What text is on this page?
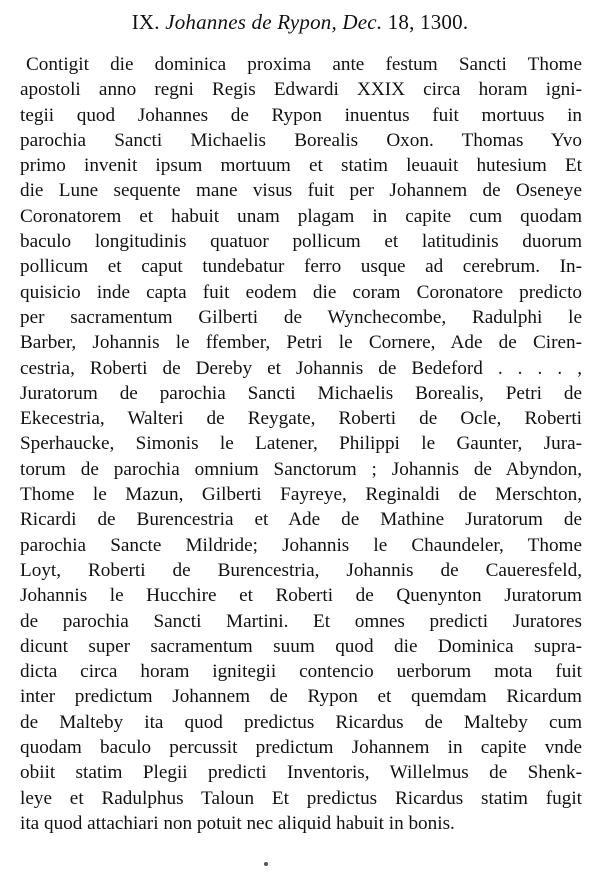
IX. Johannes de Rypon, Dec. 18, 1300.
Contigit die dominica proxima ante festum Sancti Thome
apostoli anno regni Regis Edwardi XXIX circa horam igni-
tegii quod Johannes de Rypon inuentus fuit mortuus in
parochia Sancti Michaelis Borealis Oxon. Thomas Yvo
primo invenit ipsum mortuum et statim leuauit hutesium Et
die Lune sequente mane visus fuit per Johannem de Oseneye
Coronatorem et habuit unam plagam in capite cum quodam
baculo longitudinis quatuor pollicum et latitudinis duorum
pollicum et caput tundebatur ferro usque ad cerebrum. In-
quisicio inde capta fuit eodem die coram Coronatore predicto
per sacramentum Gilberti de Wynchecombe, Radulphi le
Barber, Johannis le ffember, Petri le Cornere, Ade de Ciren-
cestria, Roberti de Dereby et Johannis de Bedeford . . . . ,
Juratorum de parochia Sancti Michaelis Borealis, Petri de
Ekecestria, Walteri de Reygate, Roberti de Ocle, Roberti
Sperhaucke, Simonis le Latener, Philippi le Gaunter, Jura-
torum de parochia omnium Sanctorum ; Johannis de Abyndon,
Thome le Mazun, Gilberti Fayreye, Reginaldi de Merschton,
Ricardi de Burencestria et Ade de Mathine Juratorum de
parochia Sancte Mildride; Johannis le Chaundeler, Thome
Loyt, Roberti de Burencestria, Johannis de Caueresfeld,
Johannis le Hucchire et Roberti de Quenynton Juratorum
de parochia Sancti Martini. Et omnes predicti Juratores
dicunt super sacramentum suum quod die Dominica supra-
dicta circa horam ignitegii contencio uerborum mota fuit
inter predictum Johannem de Rypon et quemdam Ricardum
de Malteby ita quod predictus Ricardus de Malteby cum
quodam baculo percussit predictum Johannem in capite vnde
obiit statim Plegii predicti Inventoris, Willelmus de Shenk-
leye et Radulphus Taloun Et predictus Ricardus statim fugit
ita quod attachiari non potuit nec aliquid habuit in bonis.
